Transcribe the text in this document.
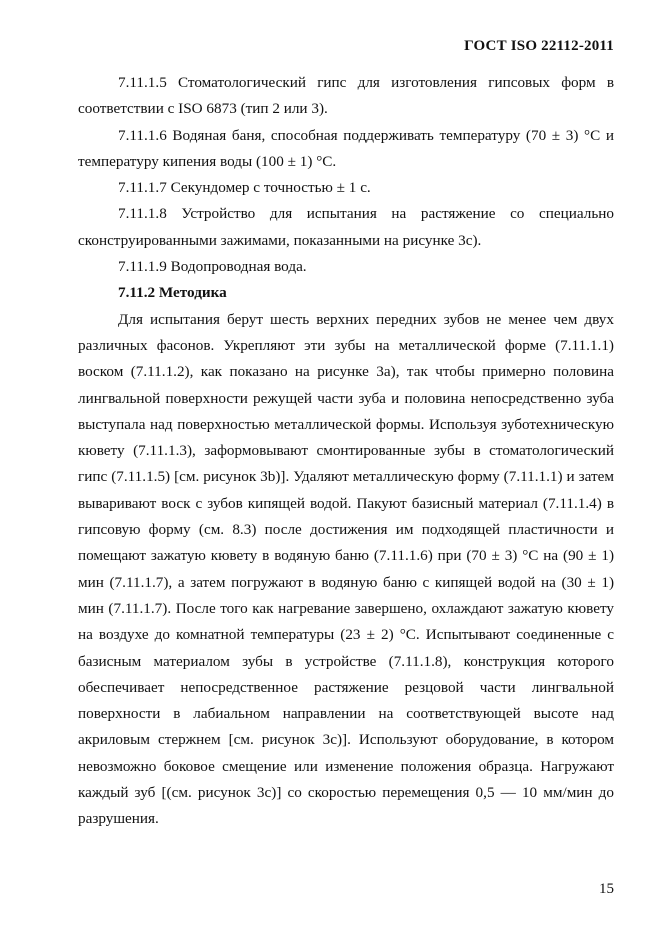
ГОСТ ISO 22112-2011

7.11.1.5 Стоматологический гипс для изготовления гипсовых форм в соответствии с ISO 6873 (тип 2 или 3).

7.11.1.6 Водяная баня, способная поддерживать температуру (70 ± 3) °С и температуру кипения воды (100 ± 1) °С.

7.11.1.7 Секундомер с точностью ± 1 с.

7.11.1.8 Устройство для испытания на растяжение со специально сконструированными зажимами, показанными на рисунке 3с).

7.11.1.9 Водопроводная вода.

7.11.2 Методика

Для испытания берут шесть верхних передних зубов не менее чем двух различных фасонов. Укрепляют эти зубы на металлической форме (7.11.1.1) воском (7.11.1.2), как показано на рисунке 3а), так чтобы примерно половина лингвальной поверхности режущей части зуба и половина непосредственно зуба выступала над поверхностью металлической формы. Используя зуботехническую кювету (7.11.1.3), заформовывают смонтированные зубы в стоматологический гипс (7.11.1.5) [см. рисунок 3b)]. Удаляют металлическую форму (7.11.1.1) и затем вываривают воск с зубов кипящей водой. Пакуют базисный материал (7.11.1.4) в гипсовую форму (см. 8.3) после достижения им подходящей пластичности и помещают зажатую кювету в водяную баню (7.11.1.6) при (70 ± 3) °С на (90 ± 1) мин (7.11.1.7), а затем погружают в водяную баню с кипящей водой на (30 ± 1) мин (7.11.1.7). После того как нагревание завершено, охлаждают зажатую кювету на воздухе до комнатной температуры (23 ± 2) °С. Испытывают соединенные с базисным материалом зубы в устройстве (7.11.1.8), конструкция которого обеспечивает непосредственное растяжение резцовой части лингвальной поверхности в лабиальном направлении на соответствующей высоте над акриловым стержнем [см. рисунок 3с)]. Используют оборудование, в котором невозможно боковое смещение или изменение положения образца. Нагружают каждый зуб [(см. рисунок 3с)] со скоростью перемещения 0,5 — 10 мм/мин до разрушения.

15
